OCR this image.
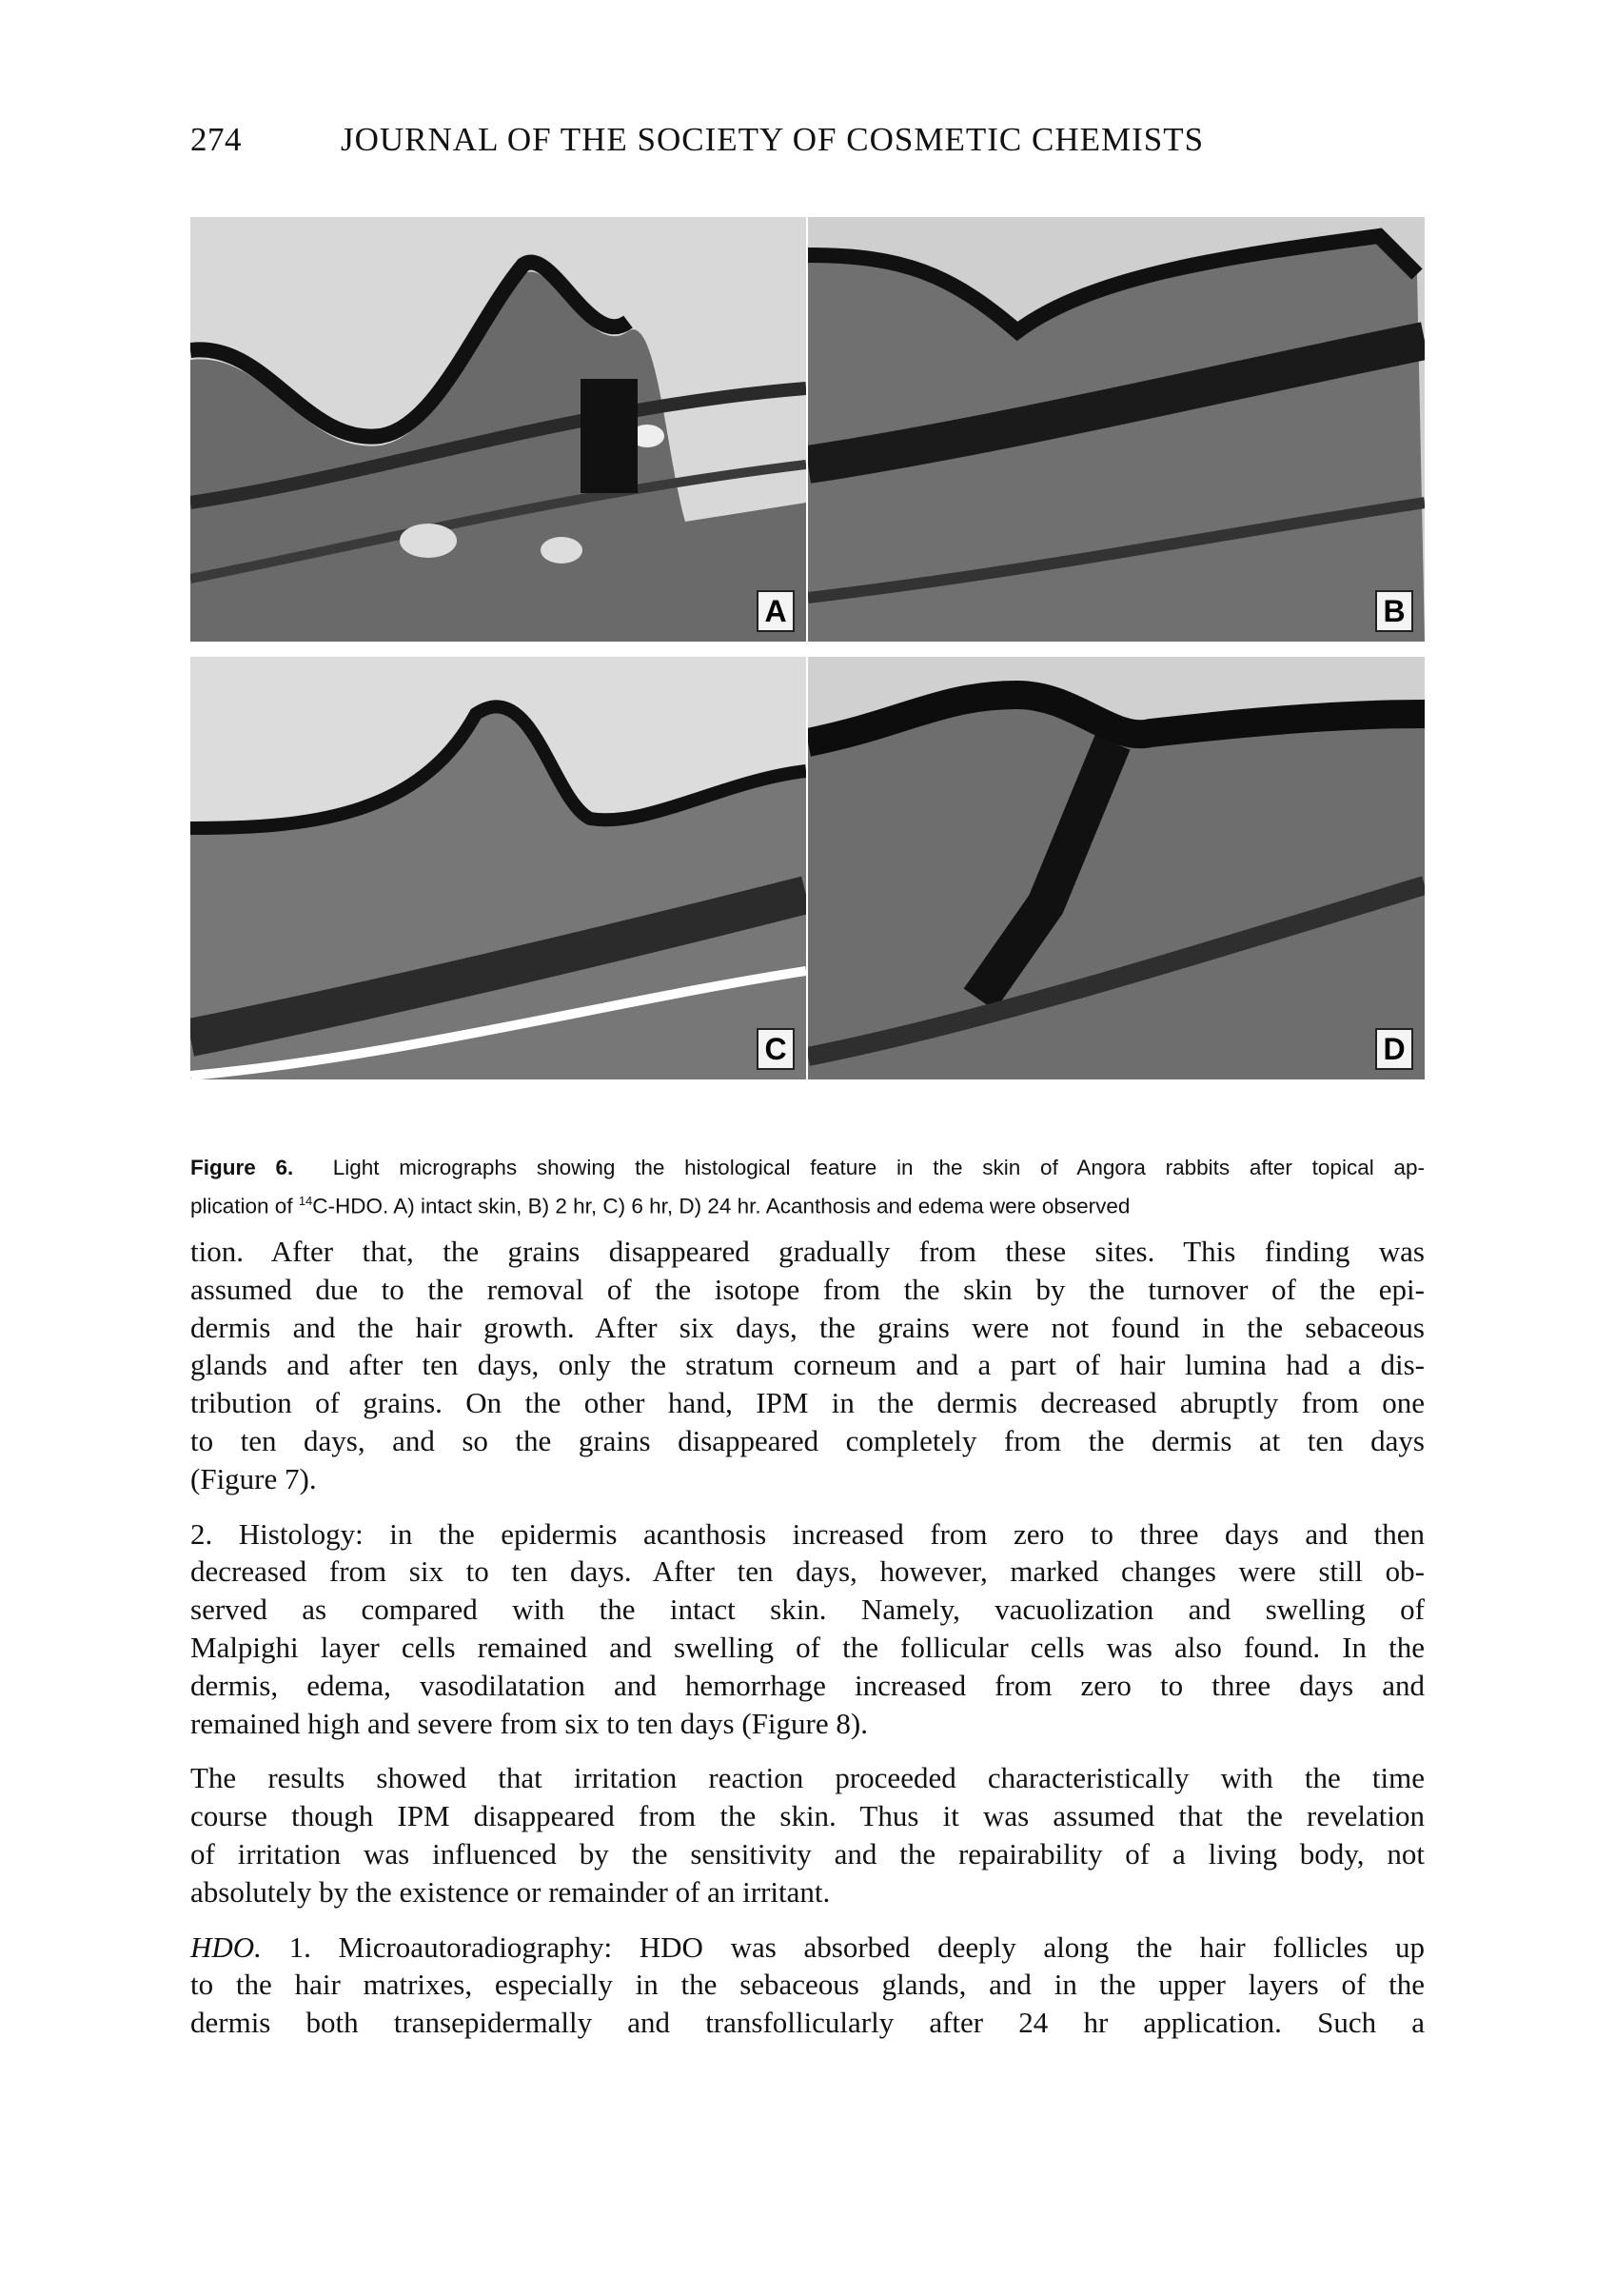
274	JOURNAL OF THE SOCIETY OF COSMETIC CHEMISTS
A	B
C	D
Figure 6. Light micrographs showing the histological feature in the skin of Angora rabbits after topical ap-
plication of $^{14}$C-HDO. A) intact skin, B) 2 hr, C) 6 hr, D) 24 hr. Acanthosis and edema were observed
tion. After that, the grains disappeared gradually from these sites. This finding was
assumed due to the removal of the isotope from the skin by the turnover of the epi-
dermis and the hair growth. After six days, the grains were not found in the sebaceous
glands and after ten days, only the stratum corneum and a part of hair lumina had a dis-
tribution of grains. On the other hand, IPM in the dermis decreased abruptly from one
to ten days, and so the grains disappeared completely from the dermis at ten days
(Figure 7).
2. Histology: in the epidermis acanthosis increased from zero to three days and then
decreased from six to ten days. After ten days, however, marked changes were still ob-
served as compared with the intact skin. Namely, vacuolization and swelling of
Malpighi layer cells remained and swelling of the follicular cells was also found. In the
dermis, edema, vasodilatation and hemorrhage increased from zero to three days and
remained high and severe from six to ten days (Figure 8).
The results showed that irritation reaction proceeded characteristically with the time
course though IPM disappeared from the skin. Thus it was assumed that the revelation
of irritation was influenced by the sensitivity and the repairability of a living body, not
absolutely by the existence or remainder of an irritant.
HDO. 1. Microautoradiography: HDO was absorbed deeply along the hair follicles up
to the hair matrixes, especially in the sebaceous glands, and in the upper layers of the
dermis both transepidermally and transfollicularly after 24 hr application. Such a
